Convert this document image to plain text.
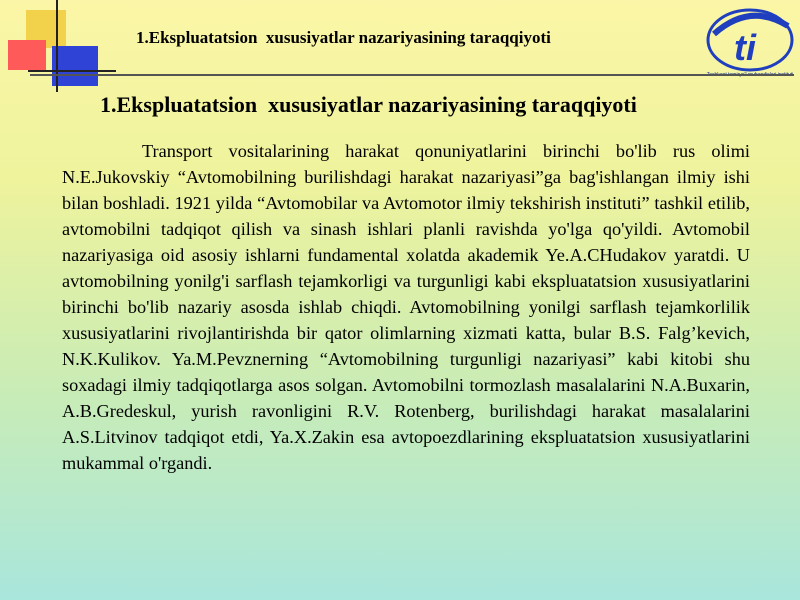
1.Ekspluatatsion  xususiyatlar nazariyasining taraqqiyoti	ti
1.Ekspluatatsion  xususiyatlar nazariyasining taraqqiyoti

Transport vositalarining harakat qonuniyatlarini birinchi bo'lib rus olimi N.E.Jukovskiy “Avtomobilning burilishdagi harakat nazariyasi”ga bag'ishlangan ilmiy ishi bilan boshladi. 1921 yilda “Avtomobilar va Avtomotor ilmiy tekshirish instituti” tashkil etilib, avtomobilni tadqiqot qilish va sinash ishlari planli ravishda yo'lga qo'yildi. Avtomobil nazariyasiga oid asosiy ishlarni fundamental xolatda akademik Ye.A.CHudakov yaratdi. U avtomobilning yonilg'i sarflash tejamkorligi va turgunligi kabi ekspluatatsion xususiyatlarini birinchi bo'lib nazariy asosda ishlab chiqdi. Avtomobilning yonilgi sarflash tejamkorlilik xususiyatlarini rivojlantirishda bir qator olimlarning xizmati katta, bular B.S. Falg’kevich, N.K.Kulikov. Ya.M.Pevznerning “Avtomobilning turgunligi nazariyasi” kabi kitobi shu soxadagi ilmiy tadqiqotlarga asos solgan. Avtomobilni tormozlash masalalarini N.A.Buxarin, A.B.Gredeskul, yurish ravonligini R.V. Rotenberg, burilishdagi harakat masalalarini A.S.Litvinov tadqiqot etdi, Ya.X.Zakin esa avtopoezdlarining ekspluatatsion xususiyatlarini mukammal o'rgandi.
